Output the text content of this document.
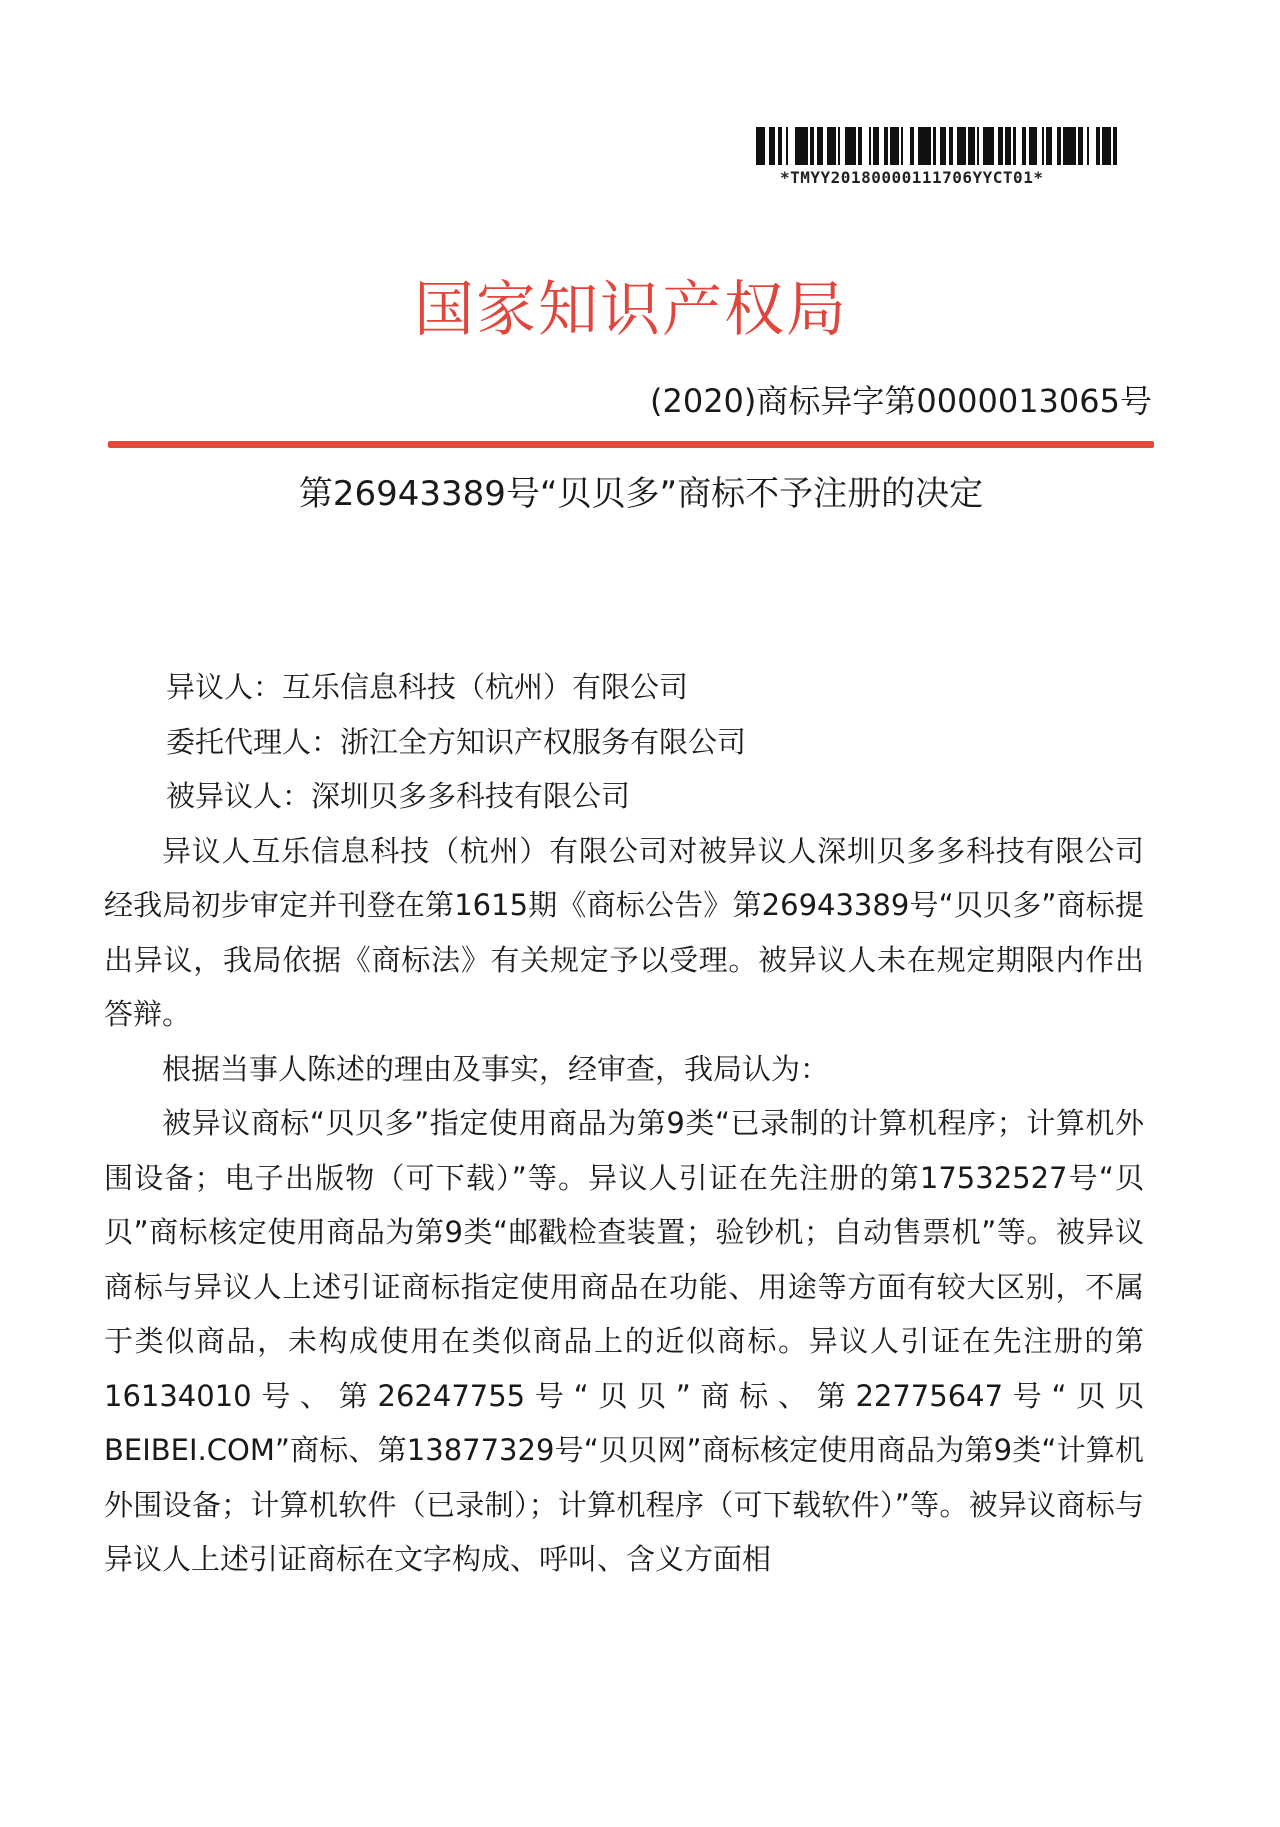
*TMYY20180000111706YYCT01*
国家知识产权局
(2020)商标异字第0000013065号
第26943389号“贝贝多”商标不予注册的决定

异议人：互乐信息科技（杭州）有限公司

委托代理人：浙江全方知识产权服务有限公司

被异议人：深圳贝多多科技有限公司

异议人互乐信息科技（杭州）有限公司对被异议人深圳贝多多科技有限公司经我局初步审定并刊登在第1615期《商标公告》第26943389号“贝贝多”商标提出异议，我局依据《商标法》有关规定予以受理。被异议人未在规定期限内作出答辩。

根据当事人陈述的理由及事实，经审查，我局认为：

被异议商标“贝贝多”指定使用商品为第9类“已录制的计算机程序；计算机外围设备；电子出版物（可下载）”等。异议人引证在先注册的第17532527号“贝贝”商标核定使用商品为第9类“邮戳检查装置；验钞机；自动售票机”等。被异议商标与异议人上述引证商标指定使用商品在功能、用途等方面有较大区别，不属于类似商品，未构成使用在类似商品上的近似商标。异议人引证在先注册的第16134010号、第26247755号“贝贝”商标、第22775647号“贝贝BEIBEI.COM”商标、第13877329号“贝贝网”商标核定使用商品为第9类“计算机外围设备；计算机软件（已录制）；计算机程序（可下载软件）”等。被异议商标与异议人上述引证商标在文字构成、呼叫、含义方面相
